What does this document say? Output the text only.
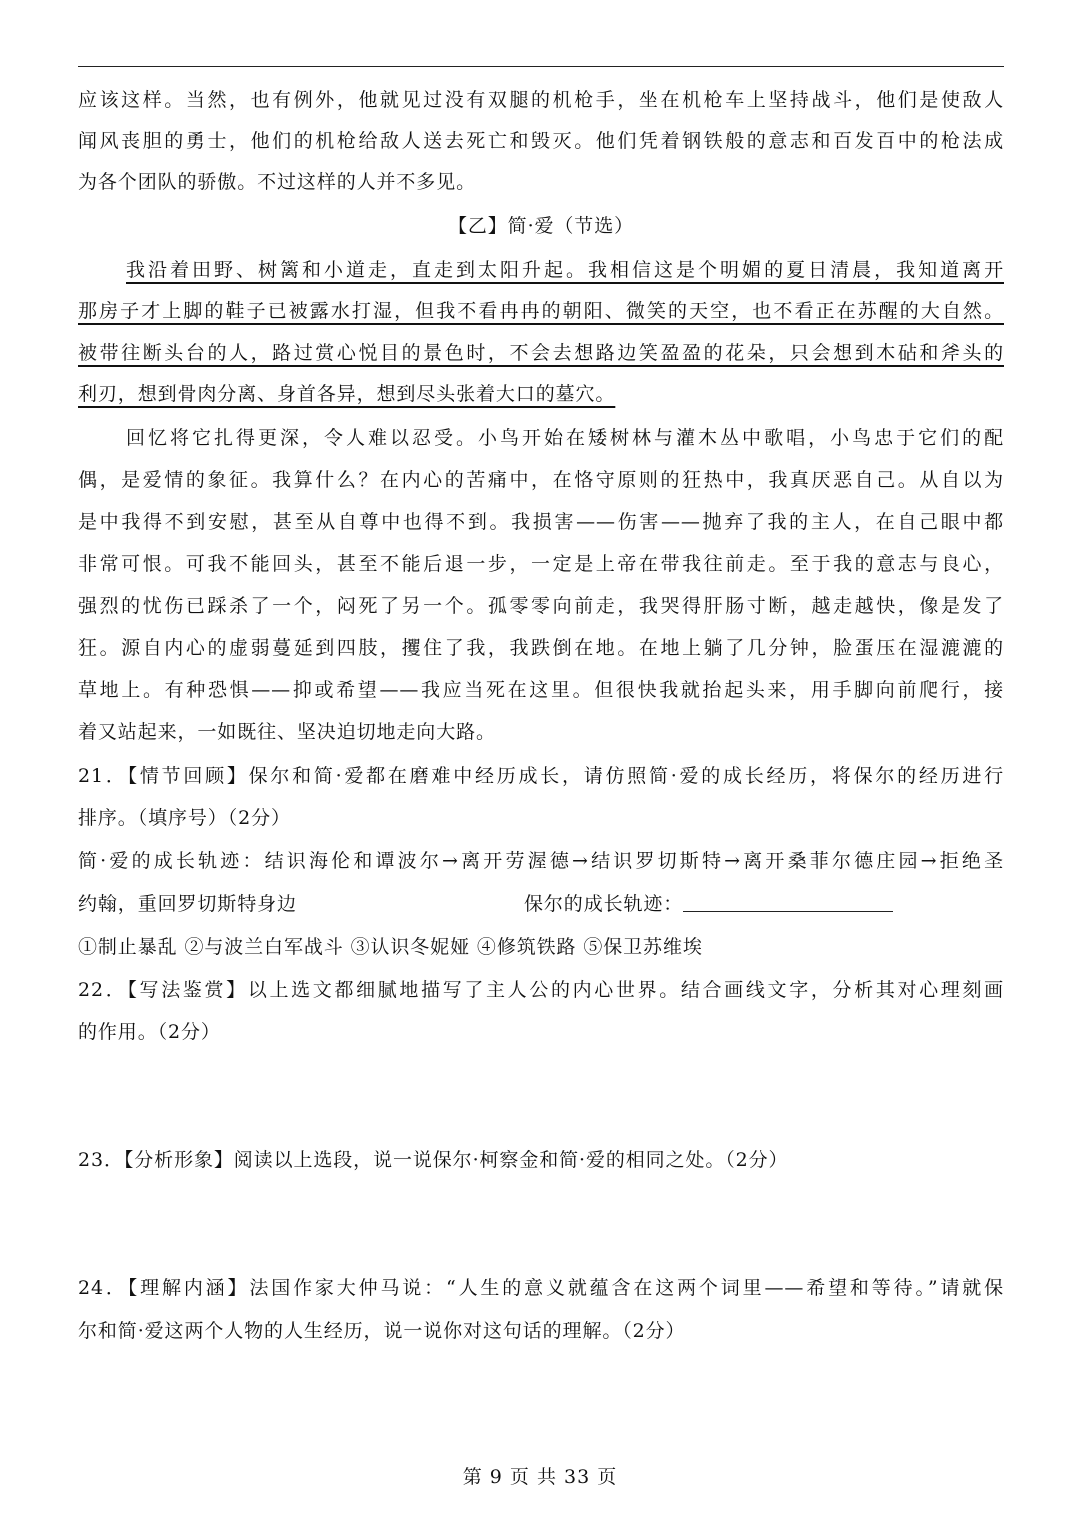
应该这样。当然，也有例外，他就见过没有双腿的机枪手，坐在机枪车上坚持战斗，他们是使敌人
闻风丧胆的勇士，他们的机枪给敌人送去死亡和毁灭。他们凭着钢铁般的意志和百发百中的枪法成
为各个团队的骄傲。不过这样的人并不多见。
【乙】简·爱（节选）
我沿着田野、树篱和小道走，直走到太阳升起。我相信这是个明媚的夏日清晨，我知道离开
那房子才上脚的鞋子已被露水打湿，但我不看冉冉的朝阳、微笑的天空，也不看正在苏醒的大自然。
被带往断头台的人，路过赏心悦目的景色时，不会去想路边笑盈盈的花朵，只会想到木砧和斧头的
利刃，想到骨肉分离、身首各异，想到尽头张着大口的墓穴。
回忆将它扎得更深，令人难以忍受。小鸟开始在矮树林与灌木丛中歌唱，小鸟忠于它们的配
偶，是爱情的象征。我算什么？在内心的苦痛中，在恪守原则的狂热中，我真厌恶自己。从自以为
是中我得不到安慰，甚至从自尊中也得不到。我损害——伤害——抛弃了我的主人，在自己眼中都
非常可恨。可我不能回头，甚至不能后退一步，一定是上帝在带我往前走。至于我的意志与良心，
强烈的忧伤已踩杀了一个，闷死了另一个。孤零零向前走，我哭得肝肠寸断，越走越快，像是发了
狂。源自内心的虚弱蔓延到四肢，攫住了我，我跌倒在地。在地上躺了几分钟，脸蛋压在湿漉漉的
草地上。有种恐惧——抑或希望——我应当死在这里。但很快我就抬起头来，用手脚向前爬行，接
着又站起来，一如既往、坚决迫切地走向大路。
21．【情节回顾】保尔和简·爱都在磨难中经历成长，请仿照简·爱的成长经历，将保尔的经历进行
排序。（填序号）（2分）
简·爱的成长轨迹：结识海伦和谭波尔→离开劳渥德→结识罗切斯特→离开桑菲尔德庄园→拒绝圣
约翰，重回罗切斯特身边	保尔的成长轨迹：
①制止暴乱 ②与波兰白军战斗 ③认识冬妮娅 ④修筑铁路 ⑤保卫苏维埃
22．【写法鉴赏】以上选文都细腻地描写了主人公的内心世界。结合画线文字，分析其对心理刻画
的作用。（2分）
23．【分析形象】阅读以上选段，说一说保尔·柯察金和简·爱的相同之处。（2分）
24．【理解内涵】法国作家大仲马说：“人生的意义就蕴含在这两个词里——希望和等待。”请就保
尔和简·爱这两个人物的人生经历，说一说你对这句话的理解。（2分）
第 9 页 共 33 页
